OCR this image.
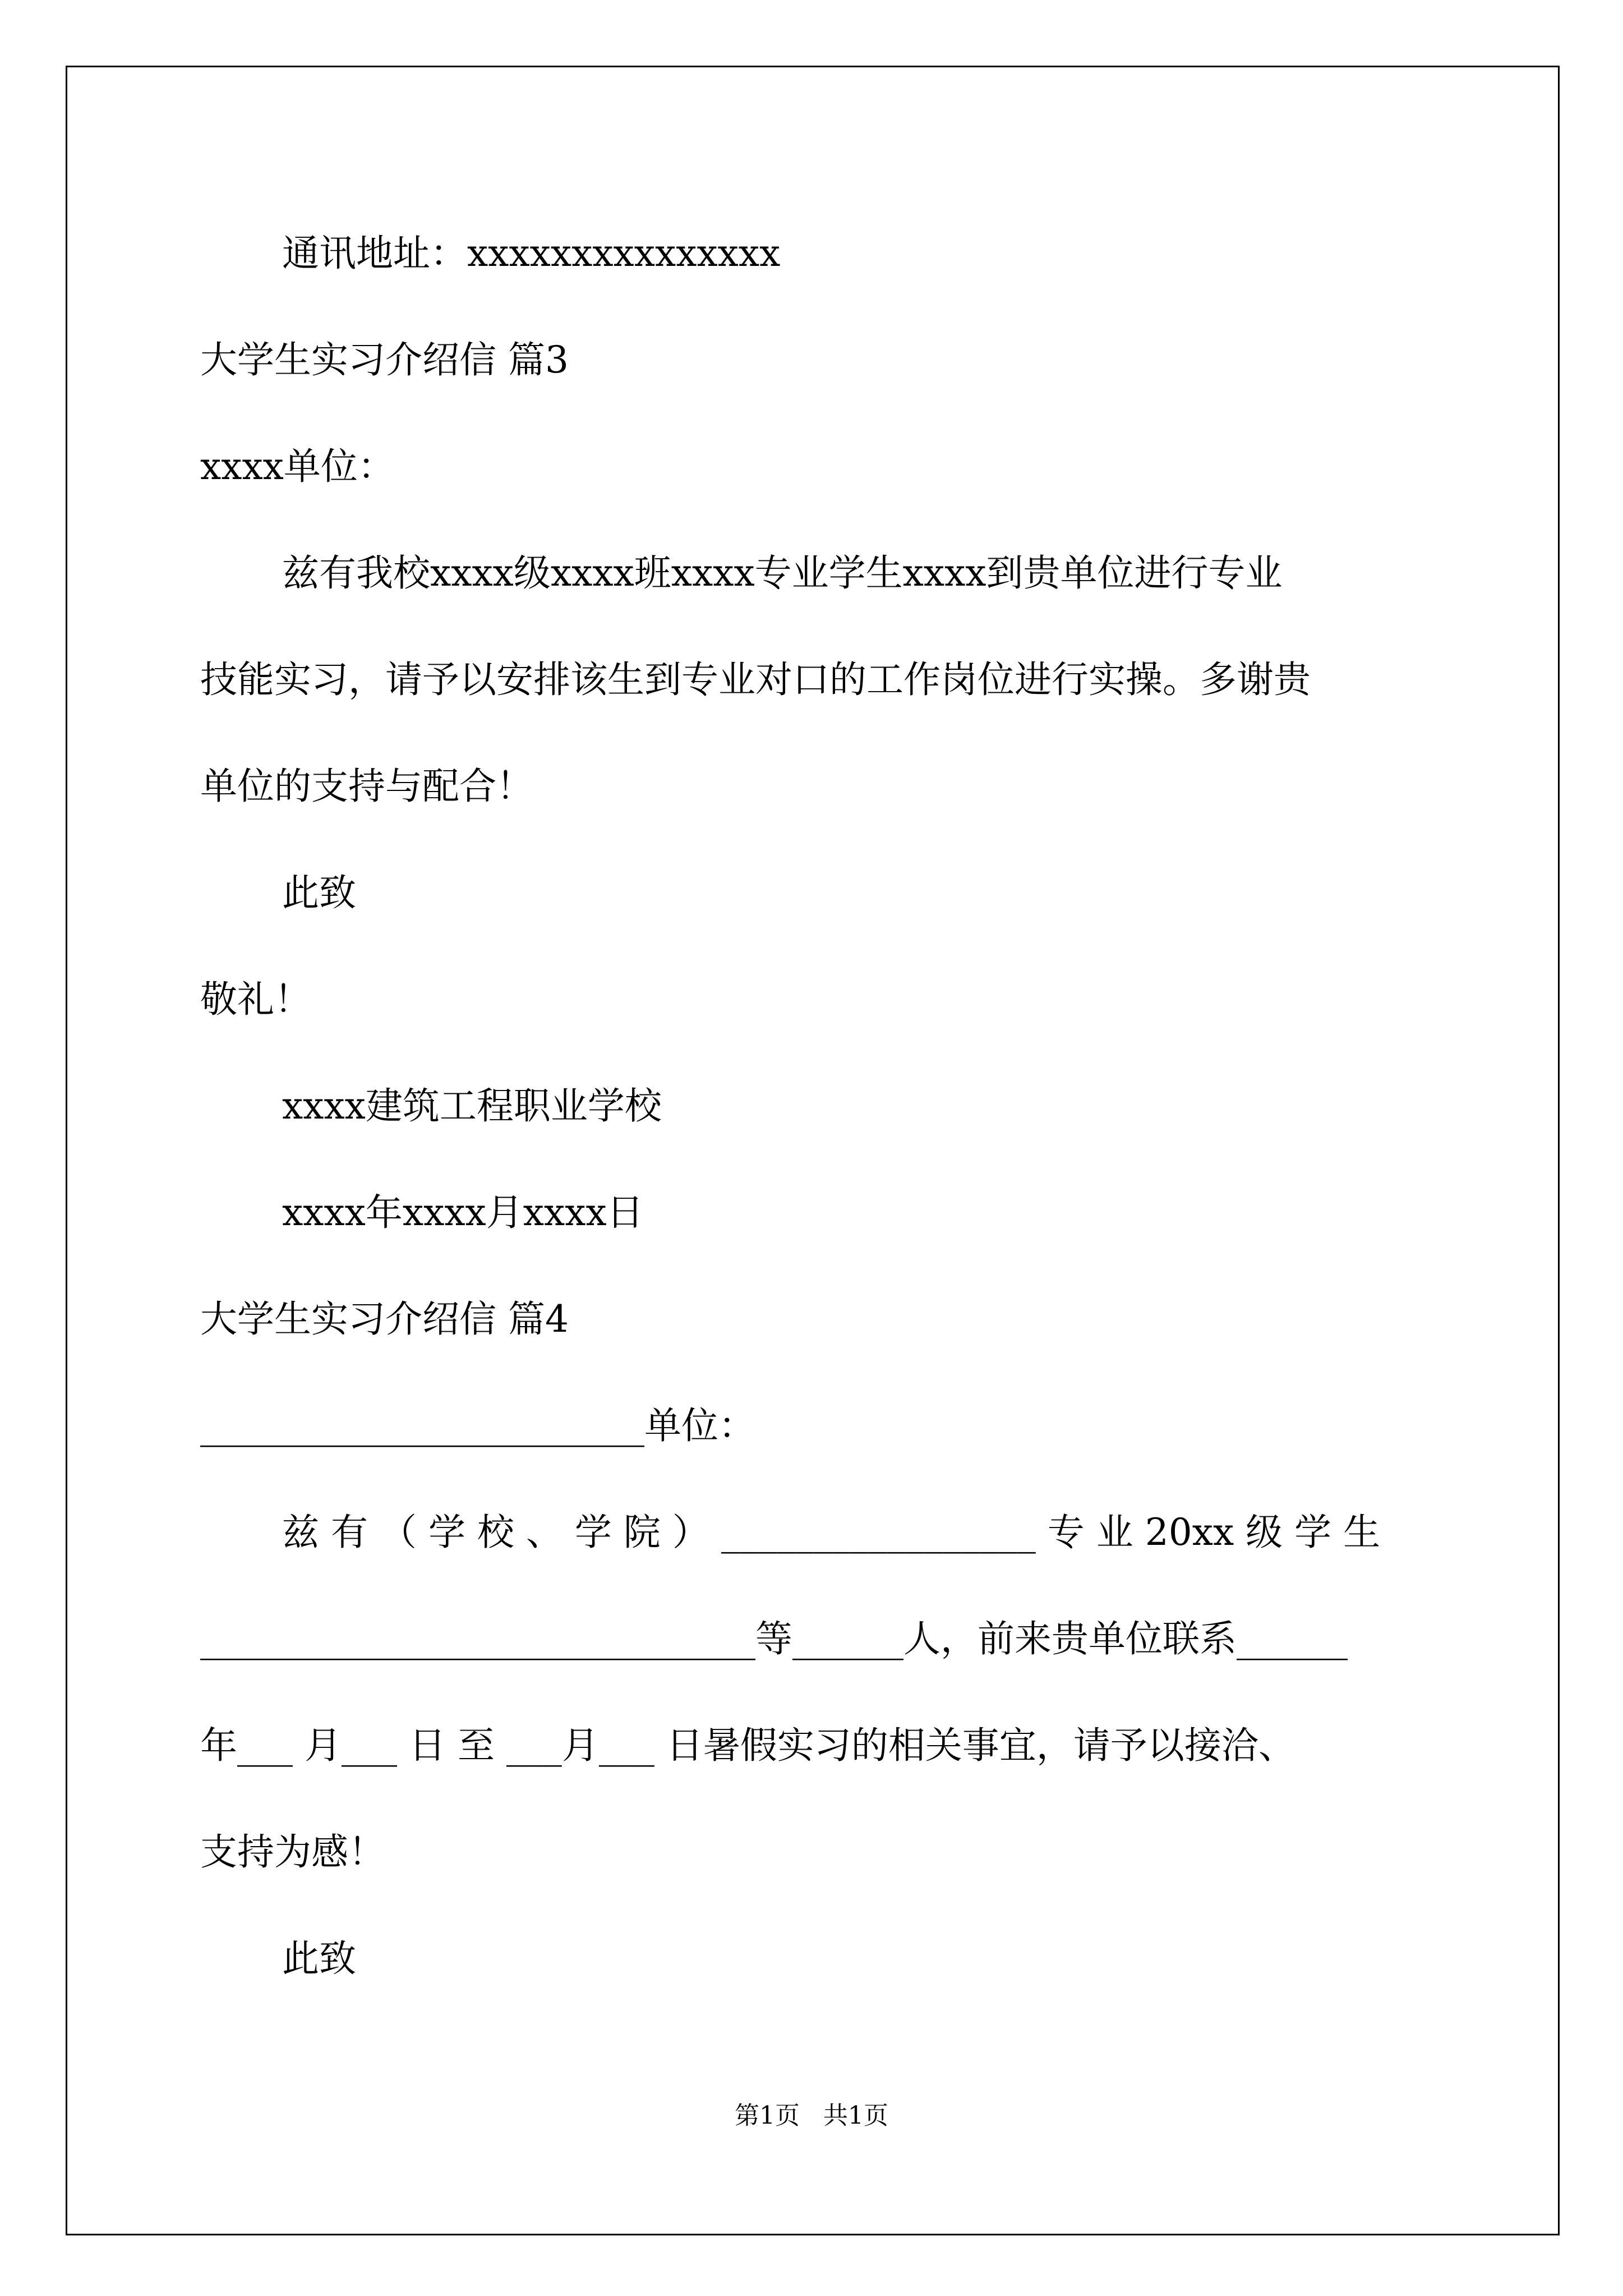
通讯地址：xxxxxxxxxxxxxxx
大学生实习介绍信 篇3
xxxx单位：
兹有我校xxxx级xxxx班xxxx专业学生xxxx到贵单位进行专业
技能实习，请予以安排该生到专业对口的工作岗位进行实操。多谢贵
单位的支持与配合！
此致
敬礼！
xxxx建筑工程职业学校
xxxx年xxxx月xxxx日
大学生实习介绍信 篇4
________________________单位：
兹 有 （ 学 校 、 学 院 ） _________________ 专 业 20xx 级 学 生
______________________________等______人，前来贵单位联系______
年___ 月___ 日 至 ___月___ 日暑假实习的相关事宜，请予以接洽、
支持为感！
此致
第1页   共1页
